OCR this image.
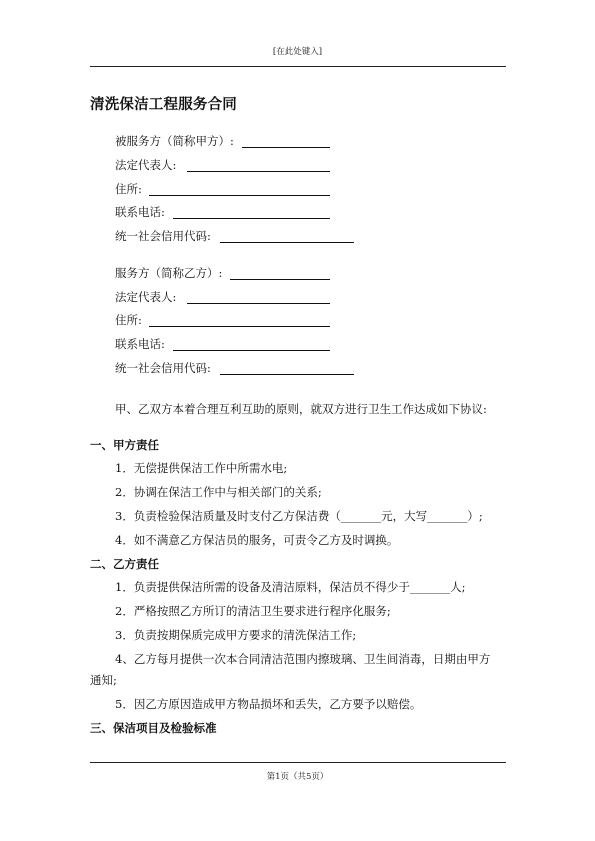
[在此处键入]
清洗保洁工程服务合同
被服务方（简称甲方）:
法定代表人:
住所:
联系电话:
统一社会信用代码:
服务方（简称乙方）:
法定代表人:
住所:
联系电话:
统一社会信用代码:
甲、乙双方本着合理互利互助的原则，就双方进行卫生工作达成如下协议:
一、甲方责任
1．无偿提供保洁工作中所需水电;
2．协调在保洁工作中与相关部门的关系;
3．负责检验保洁质量及时支付乙方保洁费（_______元，大写_______）;
4．如不满意乙方保洁员的服务，可责令乙方及时调换。
二、乙方责任
1．负责提供保洁所需的设备及清洁原料，保洁员不得少于_______人;
2．严格按照乙方所订的清洁卫生要求进行程序化服务;
3．负责按期保质完成甲方要求的清洗保洁工作;
4、乙方每月提供一次本合同清洁范围内擦玻璃、卫生间消毒，日期由甲方
通知;
5．因乙方原因造成甲方物品损坏和丢失，乙方要予以赔偿。
三、保洁项目及检验标准
第1页（共5页）
